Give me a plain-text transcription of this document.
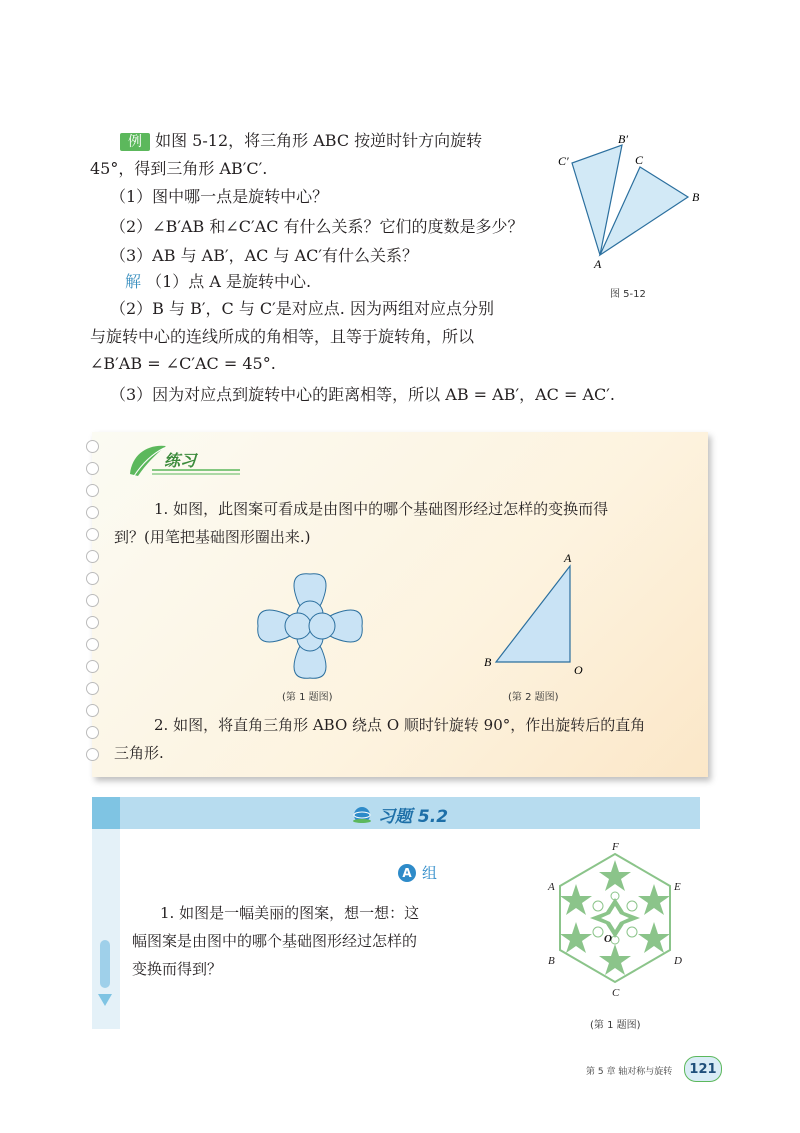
例 如图 5-12，将三角形 ABC 按逆时针方向旋转
45°，得到三角形 AB′C′.
（1）图中哪一点是旋转中心？
（2）∠B′AB 和∠C′AC 有什么关系？它们的度数是多少？
（3）AB 与 AB′，AC 与 AC′有什么关系？
解 （1）点 A 是旋转中心.
（2）B 与 B′，C 与 C′是对应点. 因为两组对应点分别
与旋转中心的连线所成的角相等，且等于旋转角，所以
∠B′AB = ∠C′AC = 45°.
（3）因为对应点到旋转中心的距离相等，所以 AB = AB′，AC = AC′.
B′
C′	C
B
A
图 5-12
练习
1. 如图，此图案可看成是由图中的哪个基础图形经过怎样的变换而得
到？(用笔把基础图形圈出来.)
(第 1 题图)
A
B
O
(第 2 题图)
2. 如图，将直角三角形 ABO 绕点 O 顺时针旋转 90°，作出旋转后的直角
三角形.
习题 5.2
A 组
1. 如图是一幅美丽的图案，想一想：这
幅图案是由图中的哪个基础图形经过怎样的
变换而得到？
F
A	E
B	D
C
O
(第 1 题图)
第 5 章 轴对称与旋转	121
